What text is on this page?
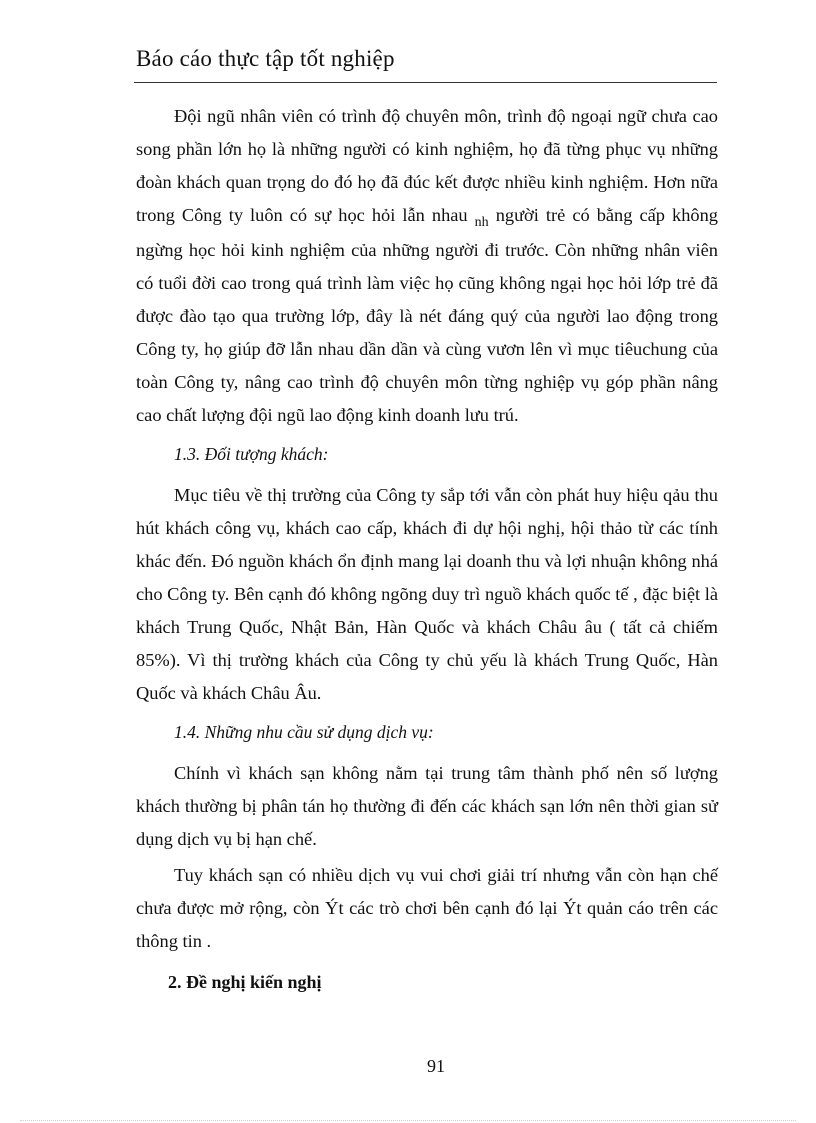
Báo cáo thực tập tốt nghiệp

Đội ngũ nhân viên có trình độ chuyên môn, trình độ ngoại ngữ chưa cao song phần lớn họ là những người có kinh nghiệm, họ đã từng phục vụ những đoàn khách quan trọng do đó họ đã đúc kết được nhiều kinh nghiệm. Hơn nữa trong Công ty luôn có sự học hỏi lẫn nhau $_{nh}$ người trẻ có bằng cấp không ngừng học hỏi kinh nghiệm của những người đi trước. Còn những nhân viên có tuổi đời cao trong quá trình làm việc họ cũng không ngại học hỏi lớp trẻ đã được đào tạo qua trường lớp, đây là nét đáng quý của người lao động trong Công ty, họ giúp đỡ lẫn nhau dần dần và cùng vươn lên vì mục tiêuchung của toàn Công ty, nâng cao trình độ chuyên môn từng nghiệp vụ góp phần nâng cao chất lượng đội ngũ lao động kinh doanh lưu trú.

1.3. Đối tượng khách:

Mục tiêu về thị trường của Công ty sắp tới vẫn còn phát huy hiệu qảu thu hút khách công vụ, khách cao cấp, khách đi dự hội nghị, hội thảo từ các tính khác đến. Đó nguồn khách ổn định mang lại doanh thu và lợi nhuận không nhá cho Công ty. Bên cạnh đó không ngõng duy trì nguồ khách quốc tế , đặc biệt là khách Trung Quốc, Nhật Bản, Hàn Quốc và khách Châu âu ( tất cả chiếm 85%). Vì thị trường khách của Công ty chủ yếu là khách Trung Quốc, Hàn Quốc và khách Châu Âu.

1.4. Những nhu cầu sử dụng dịch vụ:

Chính vì khách sạn không nằm tại trung tâm thành phố nên số lượng khách thường bị phân tán họ thường đi đến các khách sạn lớn nên thời gian sử dụng dịch vụ bị hạn chế.

Tuy khách sạn có nhiều dịch vụ vui chơi giải trí nhưng vẫn còn hạn chế chưa được mở rộng, còn Ýt các trò chơi bên cạnh đó lại Ýt quản cáo trên các thông tin .

2. Đề nghị kiến nghị
91
